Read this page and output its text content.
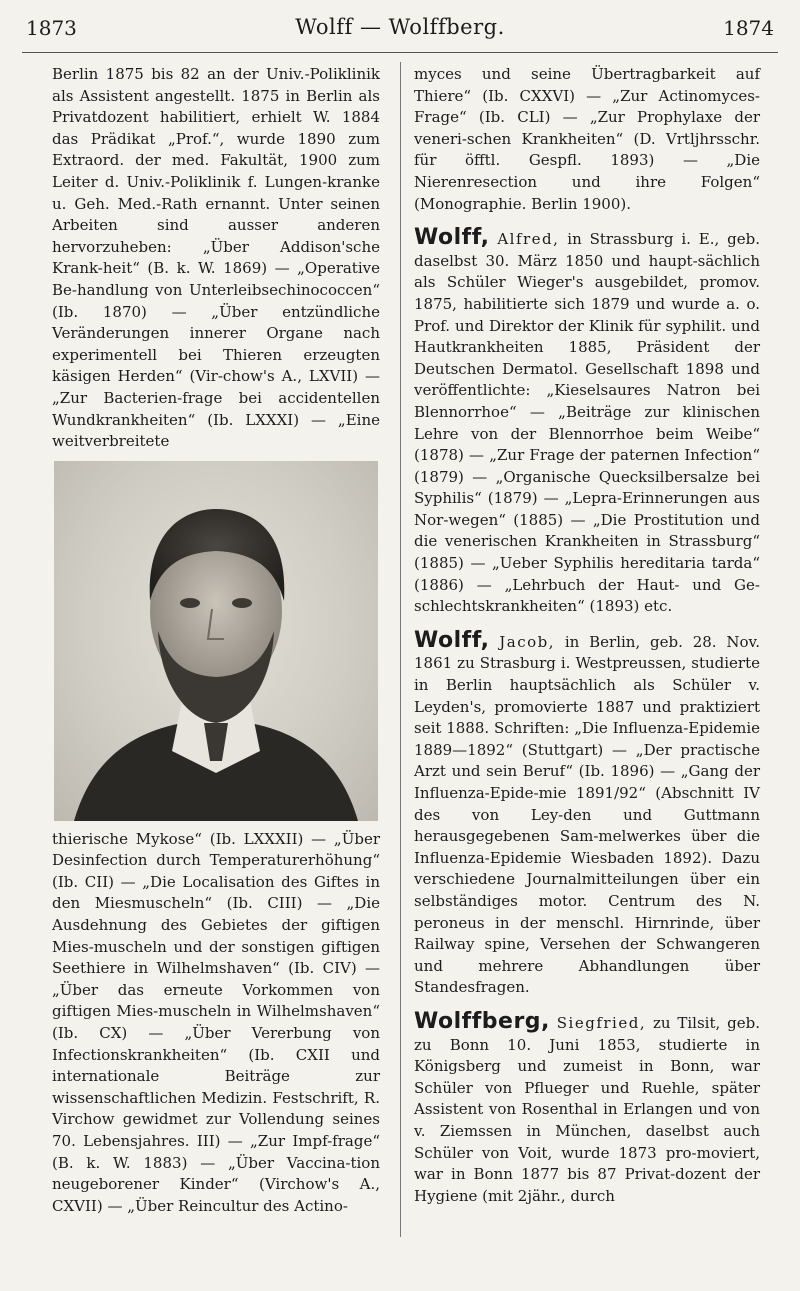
1873	Wolff — Wolffberg.	1874

Berlin 1875 bis 82 an der Univ.-Poliklinik als Assistent angestellt. 1875 in Berlin als Privatdozent habilitiert, erhielt W. 1884 das Prädikat „Prof.“, wurde 1890 zum Extraord. der med. Fakultät, 1900 zum Leiter d. Univ.-Poliklinik f. Lungen-kranke u. Geh. Med.-Rath ernannt. Unter seinen Arbeiten sind ausser anderen hervorzuheben: „Über Addison'sche Krank-heit“ (B. k. W. 1869) — „Operative Be-handlung von Unterleibsechinococcen“ (Ib. 1870) — „Über entzündliche Veränderungen innerer Organe nach experimentell bei Thieren erzeugten käsigen Herden“ (Vir-chow's A., LXVII) — „Zur Bacterien-frage bei accidentellen Wundkrankheiten“ (Ib. LXXXI) — „Eine weitverbreitete

thierische Mykose“ (Ib. LXXXII) — „Über Desinfection durch Temperaturerhöhung“ (Ib. CII) — „Die Localisation des Giftes in den Miesmuscheln“ (Ib. CIII) — „Die Ausdehnung des Gebietes der giftigen Mies-muscheln und der sonstigen giftigen Seethiere in Wilhelmshaven“ (Ib. CIV) — „Über das erneute Vorkommen von giftigen Mies-muscheln in Wilhelmshaven“ (Ib. CX) — „Über Vererbung von Infectionskrankheiten“ (Ib. CXII und internationale Beiträge zur wissenschaftlichen Medizin. Festschrift, R. Virchow gewidmet zur Vollendung seines 70. Lebensjahres. III) — „Zur Impf-frage“ (B. k. W. 1883) — „Über Vaccina-tion neugeborener Kinder“ (Virchow's A., CXVII) — „Über Reincultur des Actino-

myces und seine Übertragbarkeit auf Thiere“ (Ib. CXXVI) — „Zur Actinomyces-Frage“ (Ib. CLI) — „Zur Prophylaxe der veneri-schen Krankheiten“ (D. Vrtljhrsschr. für öfftl. Gespfl. 1893) — „Die Nierenresection und ihre Folgen“ (Monographie. Berlin 1900).

Wolff, Alfred, in Strassburg i. E., geb. daselbst 30. März 1850 und haupt-sächlich als Schüler Wieger's ausgebildet, promov. 1875, habilitierte sich 1879 und wurde a. o. Prof. und Direktor der Klinik für syphilit. und Hautkrankheiten 1885, Präsident der Deutschen Dermatol. Gesellschaft 1898 und veröffentlichte: „Kieselsaures Natron bei Blennorrhoe“ — „Beiträge zur klinischen Lehre von der Blennorrhoe beim Weibe“ (1878) — „Zur Frage der paternen Infection“ (1879) — „Organische Quecksilbersalze bei Syphilis“ (1879) — „Lepra-Erinnerungen aus Nor-wegen“ (1885) — „Die Prostitution und die venerischen Krankheiten in Strassburg“ (1885) — „Ueber Syphilis hereditaria tarda“ (1886) — „Lehrbuch der Haut- und Ge-schlechtskrankheiten“ (1893) etc.

Wolff, Jacob, in Berlin, geb. 28. Nov. 1861 zu Strasburg i. Westpreussen, studierte in Berlin hauptsächlich als Schüler v. Leyden's, promovierte 1887 und praktiziert seit 1888. Schriften: „Die Influenza-Epidemie 1889—1892“ (Stuttgart) — „Der practische Arzt und sein Beruf“ (Ib. 1896) — „Gang der Influenza-Epide-mie 1891/92“ (Abschnitt IV des von Ley-den und Guttmann herausgegebenen Sam-melwerkes über die Influenza-Epidemie Wiesbaden 1892). Dazu verschiedene Journalmitteilungen über ein selbständiges motor. Centrum des N. peroneus in der menschl. Hirnrinde, über Railway spine, Versehen der Schwangeren und mehrere Abhandlungen über Standesfragen.

Wolffberg, Siegfried, zu Tilsit, geb. zu Bonn 10. Juni 1853, studierte in Königsberg und zumeist in Bonn, war Schüler von Pflueger und Ruehle, später Assistent von Rosenthal in Erlangen und von v. Ziemssen in München, daselbst auch Schüler von Voit, wurde 1873 pro-moviert, war in Bonn 1877 bis 87 Privat-dozent der Hygiene (mit 2jähr., durch
